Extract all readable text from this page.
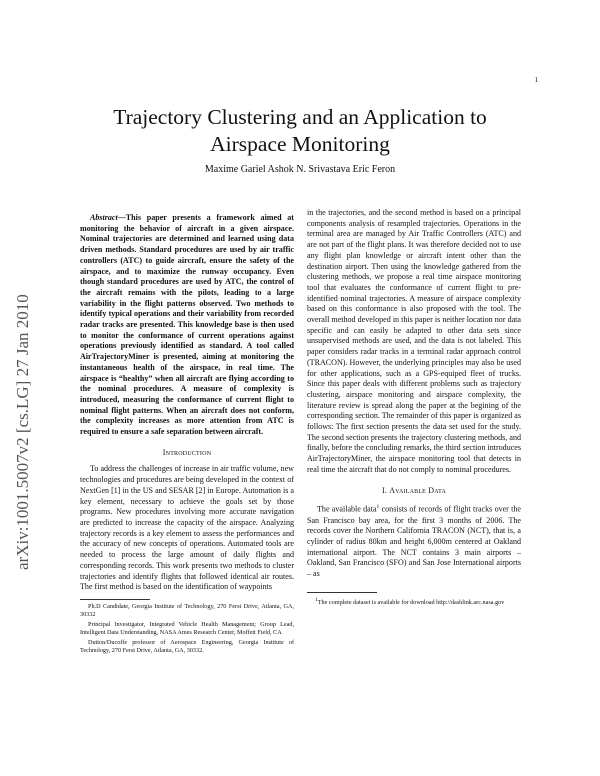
1
arXiv:1001.5007v2 [cs.LG] 27 Jan 2010
Trajectory Clustering and an Application to
Airspace Monitoring
Maxime Gariel Ashok N. Srivastava Eric Feron

Abstract—This paper presents a framework aimed at monitoring the behavior of aircraft in a given airspace. Nominal trajectories are determined and learned using data driven methods. Standard procedures are used by air traffic controllers (ATC) to guide aircraft, ensure the safety of the airspace, and to maximize the runway occupancy. Even though standard procedures are used by ATC, the control of the aircraft remains with the pilots, leading to a large variability in the flight patterns observed. Two methods to identify typical operations and their variability from recorded radar tracks are presented. This knowledge base is then used to monitor the conformance of current operations against operations previously identified as standard. A tool called AirTrajectoryMiner is presented, aiming at monitoring the instantaneous health of the airspace, in real time. The airspace is “healthy” when all aircraft are flying according to the nominal procedures. A measure of complexity is introduced, measuring the conformance of current flight to nominal flight patterns. When an aircraft does not conform, the complexity increases as more attention from ATC is required to ensure a safe separation between aircraft.

Introduction

To address the challenges of increase in air traffic volume, new technologies and procedures are being developed in the context of NextGen [1] in the US and SESAR [2] in Europe. Automation is a key element, necessary to achieve the goals set by those programs. New procedures involving more accurate navigation are predicted to increase the capacity of the airspace. Analyzing trajectory records is a key element to assess the performances and the accuracy of new concepts of operations. Automated tools are needed to process the large amount of daily flights and corresponding records. This work presents two methods to cluster trajectories and identify flights that followed identical air routes. The first method is based on the identification of waypoints

Ph.D Candidate, Georgia Institute of Technology, 270 Ferst Drive, Atlanta, GA, 30332

Principal Investigator, Integrated Vehicle Health Management; Group Lead, Intelligent Data Understanding, NASA Ames Research Center, Moffett Field, CA

Dutton/Ducoffe professor of Aerospace Engineering, Georgia Institute of Technology, 270 Ferst Drive, Atlanta, GA, 30332.

in the trajectories, and the second method is based on a principal components analysis of resampled trajectories. Operations in the terminal area are managed by Air Traffic Controllers (ATC) and are not part of the flight plans. It was therefore decided not to use any flight plan knowledge or aircraft intent other than the destination airport. Then using the knowledge gathered from the clustering methods, we propose a real time airspace monitoring tool that evaluates the conformance of current flight to pre-identified nominal trajectories. A measure of airspace complexity based on this conformance is also proposed with the tool. The overall method developed in this paper is neither location nor data specific and can easily be adapted to other data sets since unsupervised methods are used, and the data is not labeled. This paper considers radar tracks in a terminal radar approach control (TRACON). However, the underlying principles may also be used for other applications, such as a GPS-equiped fleet of trucks. Since this paper deals with different problems such as trajectory clustering, airspace monitoring and airspace complexity, the literature review is spread along the paper at the begining of the corresponding section. The remainder of this paper is organized as follows: The first section presents the data set used for the study. The second section presents the trajectory clustering methods, and finally, before the concluding remarks, the third section introduces AirTrajectoryMiner, the airspace monitoring tool that detects in real time the aircraft that do not comply to nominal procedures.

I. Available Data

The available data$^1$ consists of records of flight tracks over the San Francisco bay area, for the first 3 months of 2006. The records cover the Northern California TRACON (NCT), that is, a cylinder of radius 80km and height 6,000m centered at Oakland international airport. The NCT contains 3 main airports – Oakland, San Francisco (SFO) and San Jose International airports – as

$^1$The complete dataset is available for download http://dashlink.arc.nasa.gov
